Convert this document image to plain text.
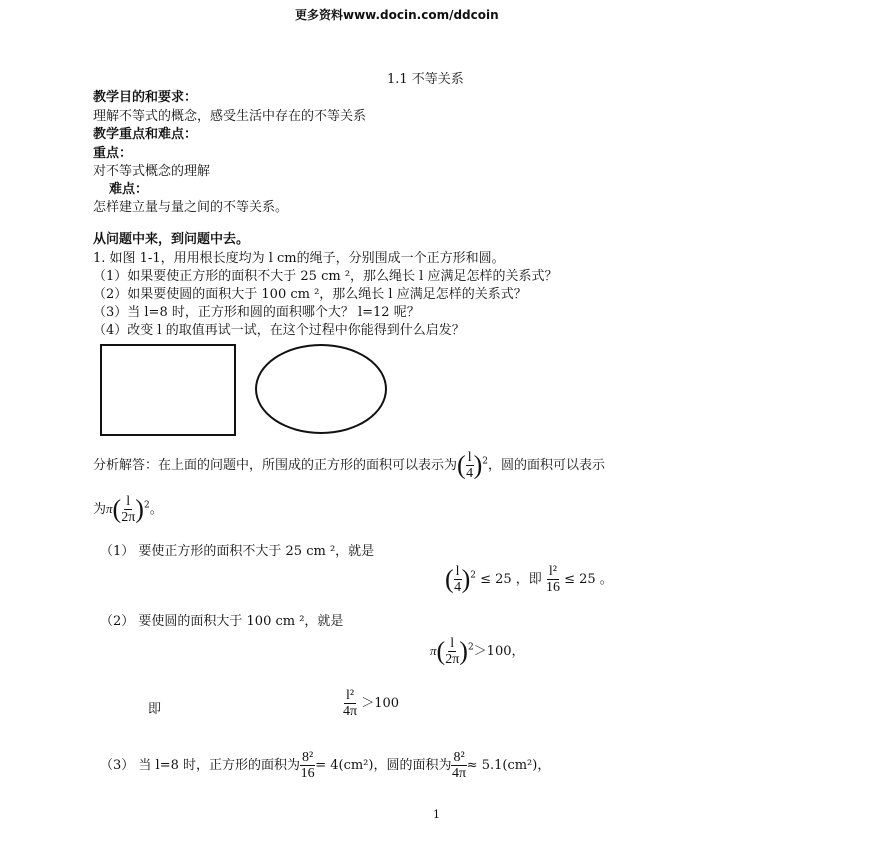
更多资料www.docin.com/ddcoin
1.1 不等关系
教学目的和要求：
理解不等式的概念，感受生活中存在的不等关系
教学重点和难点：
重点：
对不等式概念的理解
难点：
怎样建立量与量之间的不等关系。
从问题中来，到问题中去。
1. 如图 1-1，用用根长度均为 l cm的绳子，分别围成一个正方形和圆。
（1）如果要使正方形的面积不大于 25 cm ²，那么绳长 l 应满足怎样的关系式？
（2）如果要使圆的面积大于 100 cm ²，那么绳长 l 应满足怎样的关系式？
（3）当 l=8 时，正方形和圆的面积哪个大？ l=12 呢？
（4）改变 l 的取值再试一试，在这个过程中你能得到什么启发？
分析解答：在上面的问题中，所围成的正方形的面积可以表示为( $\frac{l}{4} )^2$，圆的面积可以表示
为$\pi( \frac{l}{2\pi} )^2$。
（1） 要使正方形的面积不大于 25 cm ²，就是
( $\frac{l}{4} )^2 \le 25$ ，即 $\frac{\text{l²}}{16} \le 25$ 。
（2） 要使圆的面积大于 100 cm ²，就是
$\pi( \frac{l}{2\pi} )^2>100$，
即	$\frac{\text{l²}}{4\pi} >100$
（3） 当 l=8 时，正方形的面积为 $\frac{\text{8²}}{16} = 4(cm^2)$，圆的面积为 $\frac{\text{8²}}{4\pi} \approx 5.1(cm^2)$，
1
